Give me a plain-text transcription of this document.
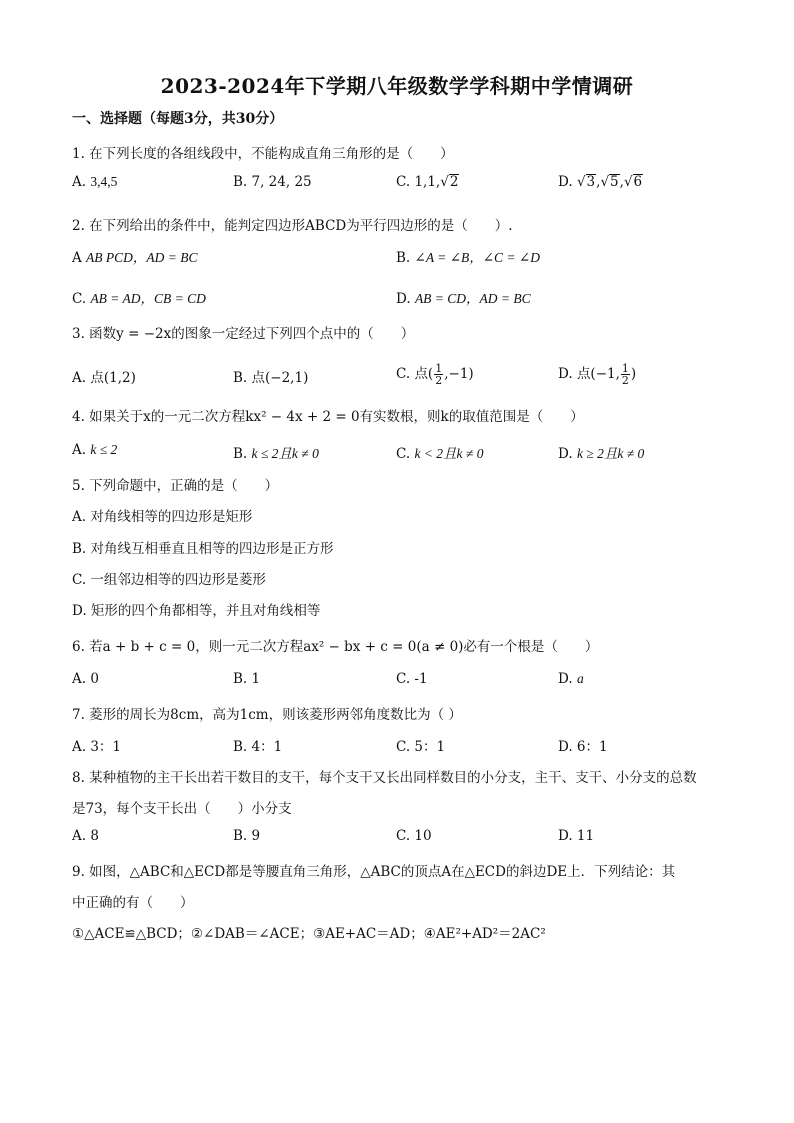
2023-2024年下学期八年级数学学科期中学情调研
一、选择题（每题3分，共30分）
1. 在下列长度的各组线段中，不能构成直角三角形的是（　　）
A. 3,4,5	B. 7, 24, 25	C. 1,1,√2	D. √3,√5,√6
2. 在下列给出的条件中，能判定四边形ABCD为平行四边形的是（　　）.
A AB PCD，AD = BC	B. ∠A = ∠B，∠C = ∠D
C. AB = AD，CB = CD	D. AB = CD，AD = BC
3. 函数y = −2x的图象一定经过下列四个点中的（　　）
A. 点(1,2)	B. 点(−2,1)	C. 点( $\frac{1}{2} ,-1$)	D. 点(−1, $\frac{1}{2}$ )
4. 如果关于x的一元二次方程kx² − 4x + 2 = 0有实数根，则k的取值范围是（　　）
A. k ≤ 2	B. k ≤ 2且k ≠ 0	C. k < 2且k ≠ 0	D. k ≥ 2且k ≠ 0
5. 下列命题中，正确的是（　　）
A. 对角线相等的四边形是矩形
B. 对角线互相垂直且相等的四边形是正方形
C. 一组邻边相等的四边形是菱形
D. 矩形的四个角都相等，并且对角线相等
6. 若a + b + c = 0，则一元二次方程ax² − bx + c = 0(a ≠ 0)必有一个根是（　　）
A. 0	B. 1	C. -1	D. a
7. 菱形的周长为8cm，高为1cm，则该菱形两邻角度数比为（ ）
A. 3：1	B. 4：1	C. 5：1	D. 6：1
8. 某种植物的主干长出若干数目的支干，每个支干又长出同样数目的小分支，主干、支干、小分支的总数
是73，每个支干长出（　　）小分支
A. 8	B. 9	C. 10	D. 11
9. 如图，△ABC和△ECD都是等腰直角三角形，△ABC的顶点A在△ECD的斜边DE上．下列结论：其
中正确的有（　　）
①△ACE≌△BCD；②∠DAB＝∠ACE；③AE+AC＝AD；④AE²+AD²＝2AC²
